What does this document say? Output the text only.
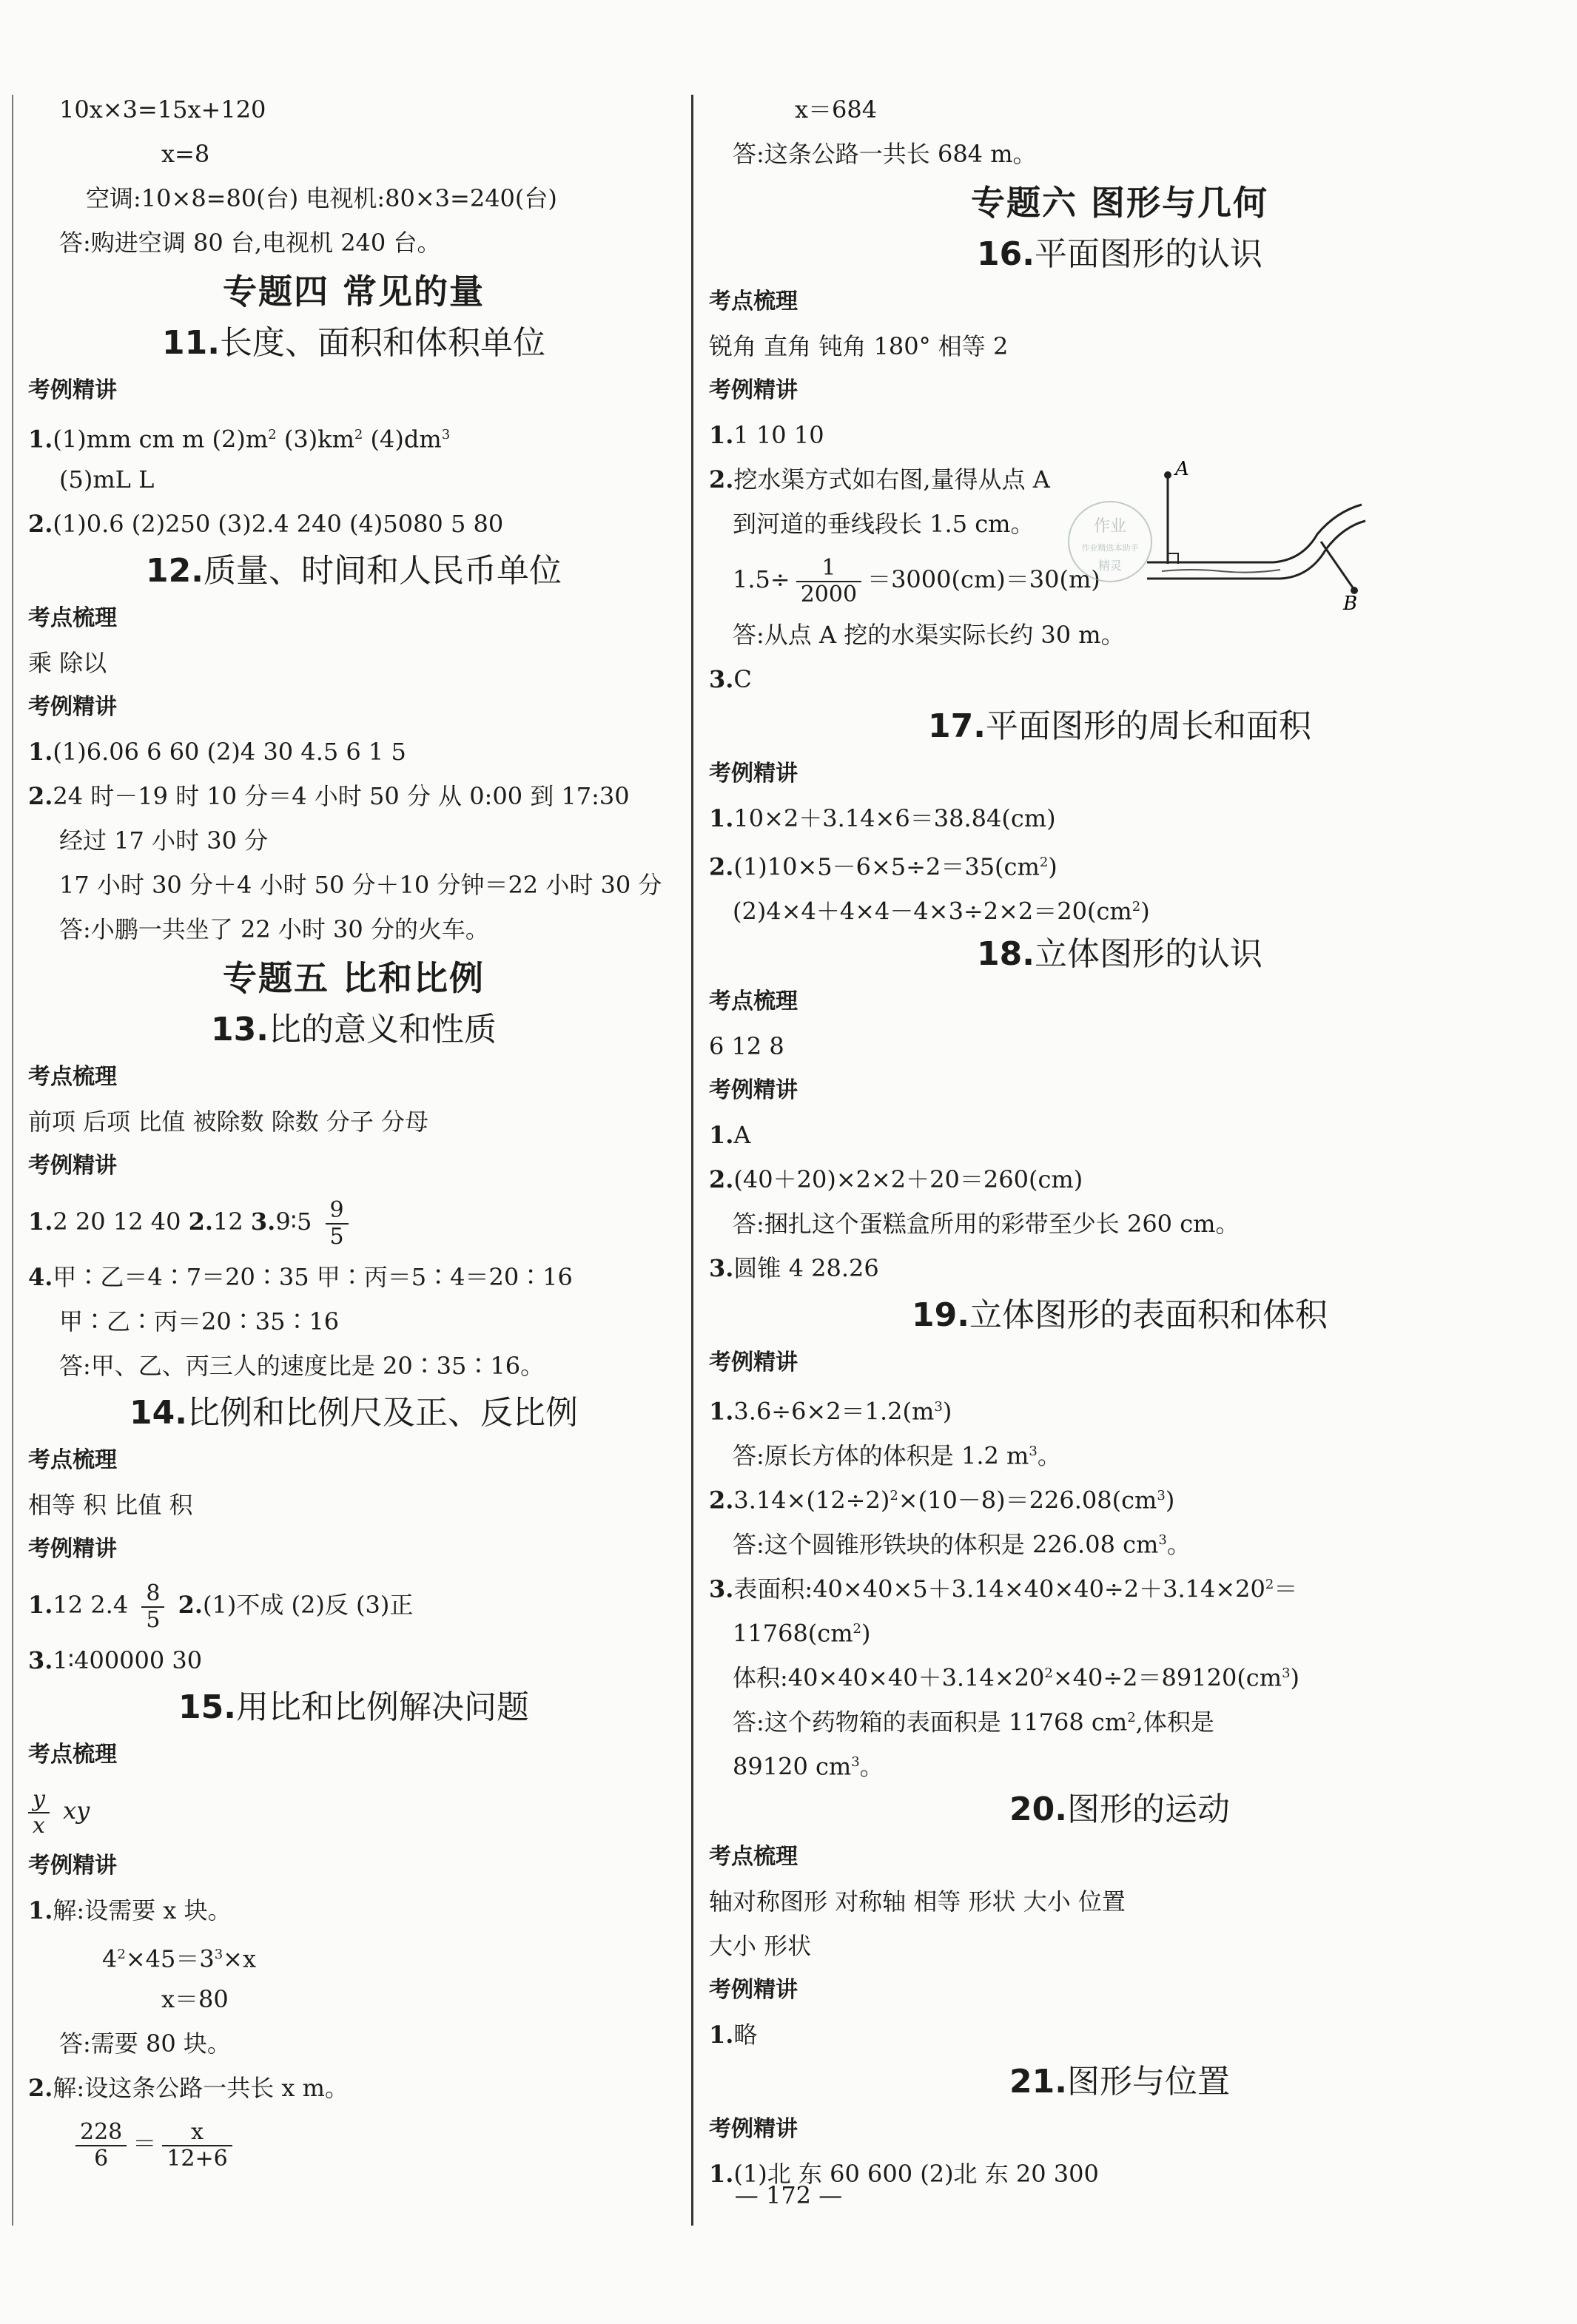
10x×3=15x+120
x=8
空调:10×8=80(台) 电视机:80×3=240(台)
答:购进空调 80 台,电视机 240 台。
专题四 常见的量
11.长度、面积和体积单位
考例精讲
1.(1)mm cm m $(2)m^2$ $(3)km^2$ $(4)dm^3$
(5)mL L
2.(1)0.6 (2)250 (3)2.4 240 (4)5080 5 80
12.质量、时间和人民币单位
考点梳理
乘 除以
考例精讲
1.(1)6.06 6 60 (2)4 30 4.5 6 1 5
2.24 时－19 时 10 分＝4 小时 50 分 从 0:00 到 17:30
经过 17 小时 30 分
17 小时 30 分＋4 小时 50 分＋10 分钟＝22 小时 30 分
答:小鹏一共坐了 22 小时 30 分的火车。
专题五 比和比例
13.比的意义和性质
考点梳理
前项 后项 比值 被除数 除数 分子 分母
考例精讲
1.2 20 12 40 2.12 3.9∶5 $\frac{9}{5}$
4.甲∶乙＝4∶7＝20∶35 甲∶丙＝5∶4＝20∶16
甲∶乙∶丙＝20∶35∶16
答:甲、乙、丙三人的速度比是 20∶35∶16。
14.比例和比例尺及正、反比例
考点梳理
相等 积 比值 积
考例精讲
1.12 $2.4 \frac{8}{5} 2.(1)$不成 (2)反 (3)正
3.1∶400000 30
15.用比和比例解决问题
考点梳理
$\frac{y}{x}$ xy
考例精讲
1.解:设需要 x 块。
$4^2\times 45=3^3\times x$
x＝80
答:需要 80 块。
2.解:设这条公路一共长 x m。
$\frac{228}{6} = \frac{x}{12+6}$
x＝684
答:这条公路一共长 684 m。
专题六 图形与几何
16.平面图形的认识
考点梳理
锐角 直角 钝角 180° 相等 2
考例精讲
1.1 10 10
2.挖水渠方式如右图,量得从点 A
到河道的垂线段长 1.5 cm。
$1.5\div \frac{1}{2000} =3000(cm)=30(m)$
答:从点 A 挖的水渠实际长约 30 m。
3.C
17.平面图形的周长和面积
考例精讲
1.10×2＋3.14×6＝38.84(cm)
$2.(1)10\times 5-6\times 5\div 2=35(cm^2)$
$(2)4\times 4+4\times 4-4\times 3\div 2\times 2=20(cm^2)$
18.立体图形的认识
考点梳理
6 12 8
考例精讲
1.A
2.(40＋20)×2×2＋20＝260(cm)
答:捆扎这个蛋糕盒所用的彩带至少长 260 cm。
3.圆锥 4 28.26
19.立体图形的表面积和体积
考例精讲
$1.3.6\div 6\times 2=1.2(m^3)$
答:原长方体的体积是 1.2 $m^3$。
$2.3.14\times(12\div 2)^2\times(10-8)=226.08(cm^3)$
答:这个圆锥形铁块的体积是 226.08 $cm^3$。
3.表面积$:40\times 40\times 5+3.14\times 40\times 40\div 2+3.14\times 20^2=$
$11768(cm^2)$
体积$:40\times 40\times 40+3.14\times 20^2\times 40\div 2=89120(cm^3)$
答:这个药物箱的表面积是 11768 $cm^2$,体积是
89120 $cm^3$。
20.图形的运动
考点梳理
轴对称图形 对称轴 相等 形状 大小 位置
大小 形状
考例精讲
1.略
21.图形与位置
考例精讲
1.(1)北 东 60 600 (2)北 东 20 300
A
B
作业
作业精选本助手
精灵
— 172 —
